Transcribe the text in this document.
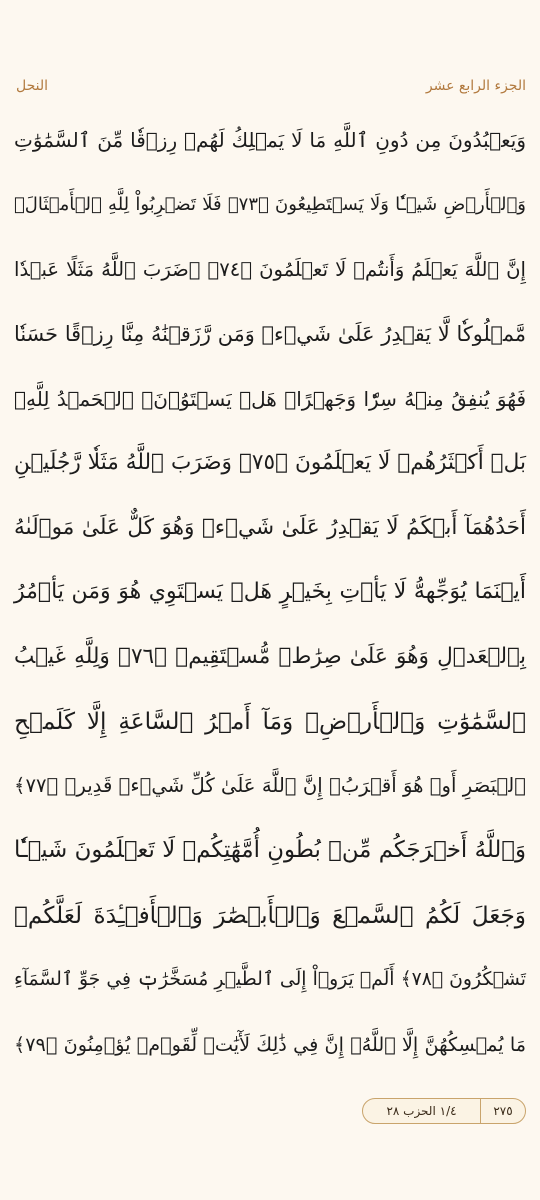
الجزء الرابع عشر
النحل
وَيَعۡبُدُونَ مِن دُونِ ٱللَّهِ مَا لَا يَمۡلِكُ لَهُمۡ رِزۡقٗا مِّنَ ٱلسَّمَٰوَٰتِ
وَٱلۡأَرۡضِ شَيۡـٔٗا وَلَا يَسۡتَطِيعُونَ ﴿٧٣﴾ فَلَا تَضۡرِبُواْ لِلَّهِ ٱلۡأَمۡثَالَۚ
إِنَّ ٱللَّهَ يَعۡلَمُ وَأَنتُمۡ لَا تَعۡلَمُونَ ﴿٧٤﴾ ۞ضَرَبَ ٱللَّهُ مَثَلًا عَبۡدٗا
مَّمۡلُوكٗا لَّا يَقۡدِرُ عَلَىٰ شَيۡءٖ وَمَن رَّزَقۡنَٰهُ مِنَّا رِزۡقًا حَسَنٗا
فَهُوَ يُنفِقُ مِنۡهُ سِرّٗا وَجَهۡرًاۖ هَلۡ يَسۡتَوُۥنَۚ ٱلۡحَمۡدُ لِلَّهِۚ
بَلۡ أَكۡثَرُهُمۡ لَا يَعۡلَمُونَ ﴿٧٥﴾ وَضَرَبَ ٱللَّهُ مَثَلٗا رَّجُلَيۡنِ
أَحَدُهُمَآ أَبۡكَمُ لَا يَقۡدِرُ عَلَىٰ شَيۡءٖ وَهُوَ كَلٌّ عَلَىٰ مَوۡلَىٰهُ
أَيۡنَمَا يُوَجِّههُّ لَا يَأۡتِ بِخَيۡرٍ هَلۡ يَسۡتَوِي هُوَ وَمَن يَأۡمُرُ
بِٱلۡعَدۡلِ وَهُوَ عَلَىٰ صِرَٰطٖ مُّسۡتَقِيمٖ ﴿٧٦﴾ وَلِلَّهِ غَيۡبُ
ٱلسَّمَٰوَٰتِ وَٱلۡأَرۡضِۚ وَمَآ أَمۡرُ ٱلسَّاعَةِ إِلَّا كَلَمۡحِ
ٱلۡبَصَرِ أَوۡ هُوَ أَقۡرَبُۚ إِنَّ ٱللَّهَ عَلَىٰ كُلِّ شَيۡءٖ قَدِيرٞ ﴿٧٧﴾
وَٱللَّهُ أَخۡرَجَكُم مِّنۢ بُطُونِ أُمَّهَٰتِكُمۡ لَا تَعۡلَمُونَ شَيۡـٔٗا
وَجَعَلَ لَكُمُ ٱلسَّمۡعَ وَٱلۡأَبۡصَٰرَ وَٱلۡأَفۡـِٔدَةَ لَعَلَّكُمۡ
تَشۡكُرُونَ ﴿٧٨﴾ أَلَمۡ يَرَوۡاْ إِلَى ٱلطَّيۡرِ مُسَخَّرَٰتٖ فِي جَوِّ ٱلسَّمَآءِ
مَا يُمۡسِكُهُنَّ إِلَّا ٱللَّهُۚ إِنَّ فِي ذَٰلِكَ لَأٓيَٰتٖ لِّقَوۡمٖ يُؤۡمِنُونَ ﴿٧٩﴾
٢٧٥
١/٤ الحزب ٢٨
